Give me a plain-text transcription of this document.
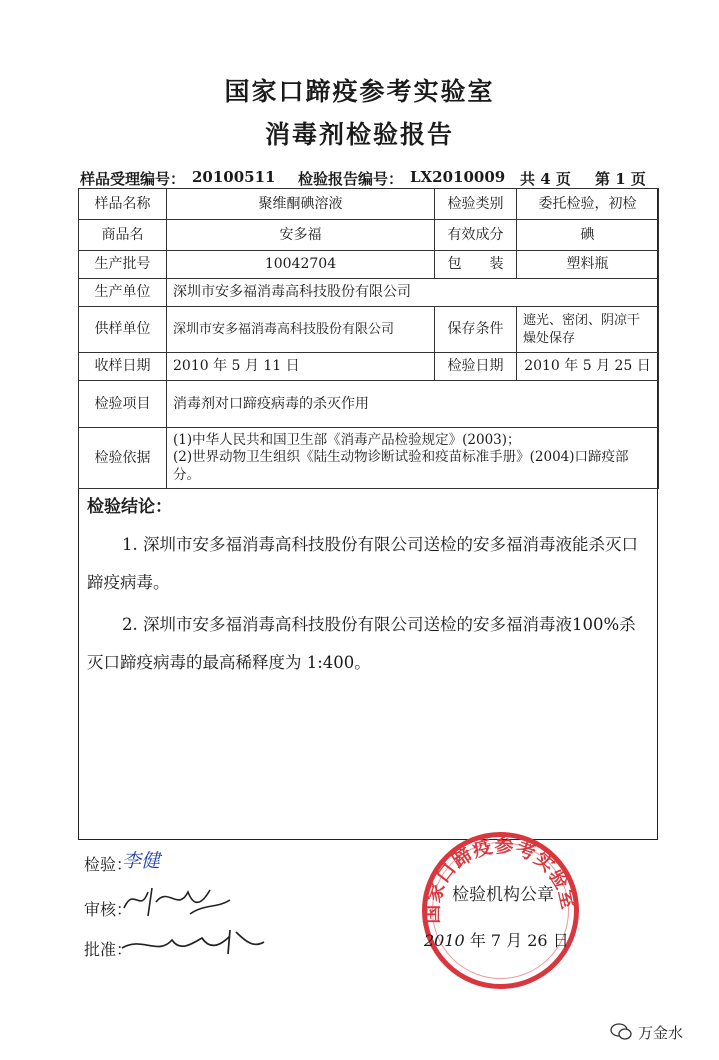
国家口蹄疫参考实验室
消毒剂检验报告
样品受理编号： 20100511 检验报告编号： LX2010009 共 4 页 第 1 页
样品名称	聚维酮碘溶液	检验类别	委托检验，初检
商品名	安多福	有效成分	碘
生产批号	10042704	包　　装	塑料瓶
生产单位	深圳市安多福消毒高科技股份有限公司		
供样单位	深圳市安多福消毒高科技股份有限公司	保存条件	遮光、密闭、阴凉干燥处保存
收样日期	2010 年 5 月 11 日	检验日期	2010 年 5 月 25 日
检验项目	消毒剂对口蹄疫病毒的杀灭作用		
检验依据	(1)中华人民共和国卫生部《消毒产品检验规定》(2003)；
(2)世界动物卫生组织《陆生动物诊断试验和疫苗标准手册》(2004)口蹄疫部分。		
检验结论：
1. 深圳市安多福消毒高科技股份有限公司送检的安多福消毒液能杀灭口蹄疫病毒。
2. 深圳市安多福消毒高科技股份有限公司送检的安多福消毒液100%杀灭口蹄疫病毒的最高稀释度为 1:400。
检验：
李健
审核：
批准：
国家口蹄疫参考实验室
检验机构公章
2010 年 7 月 26 日
万金水
